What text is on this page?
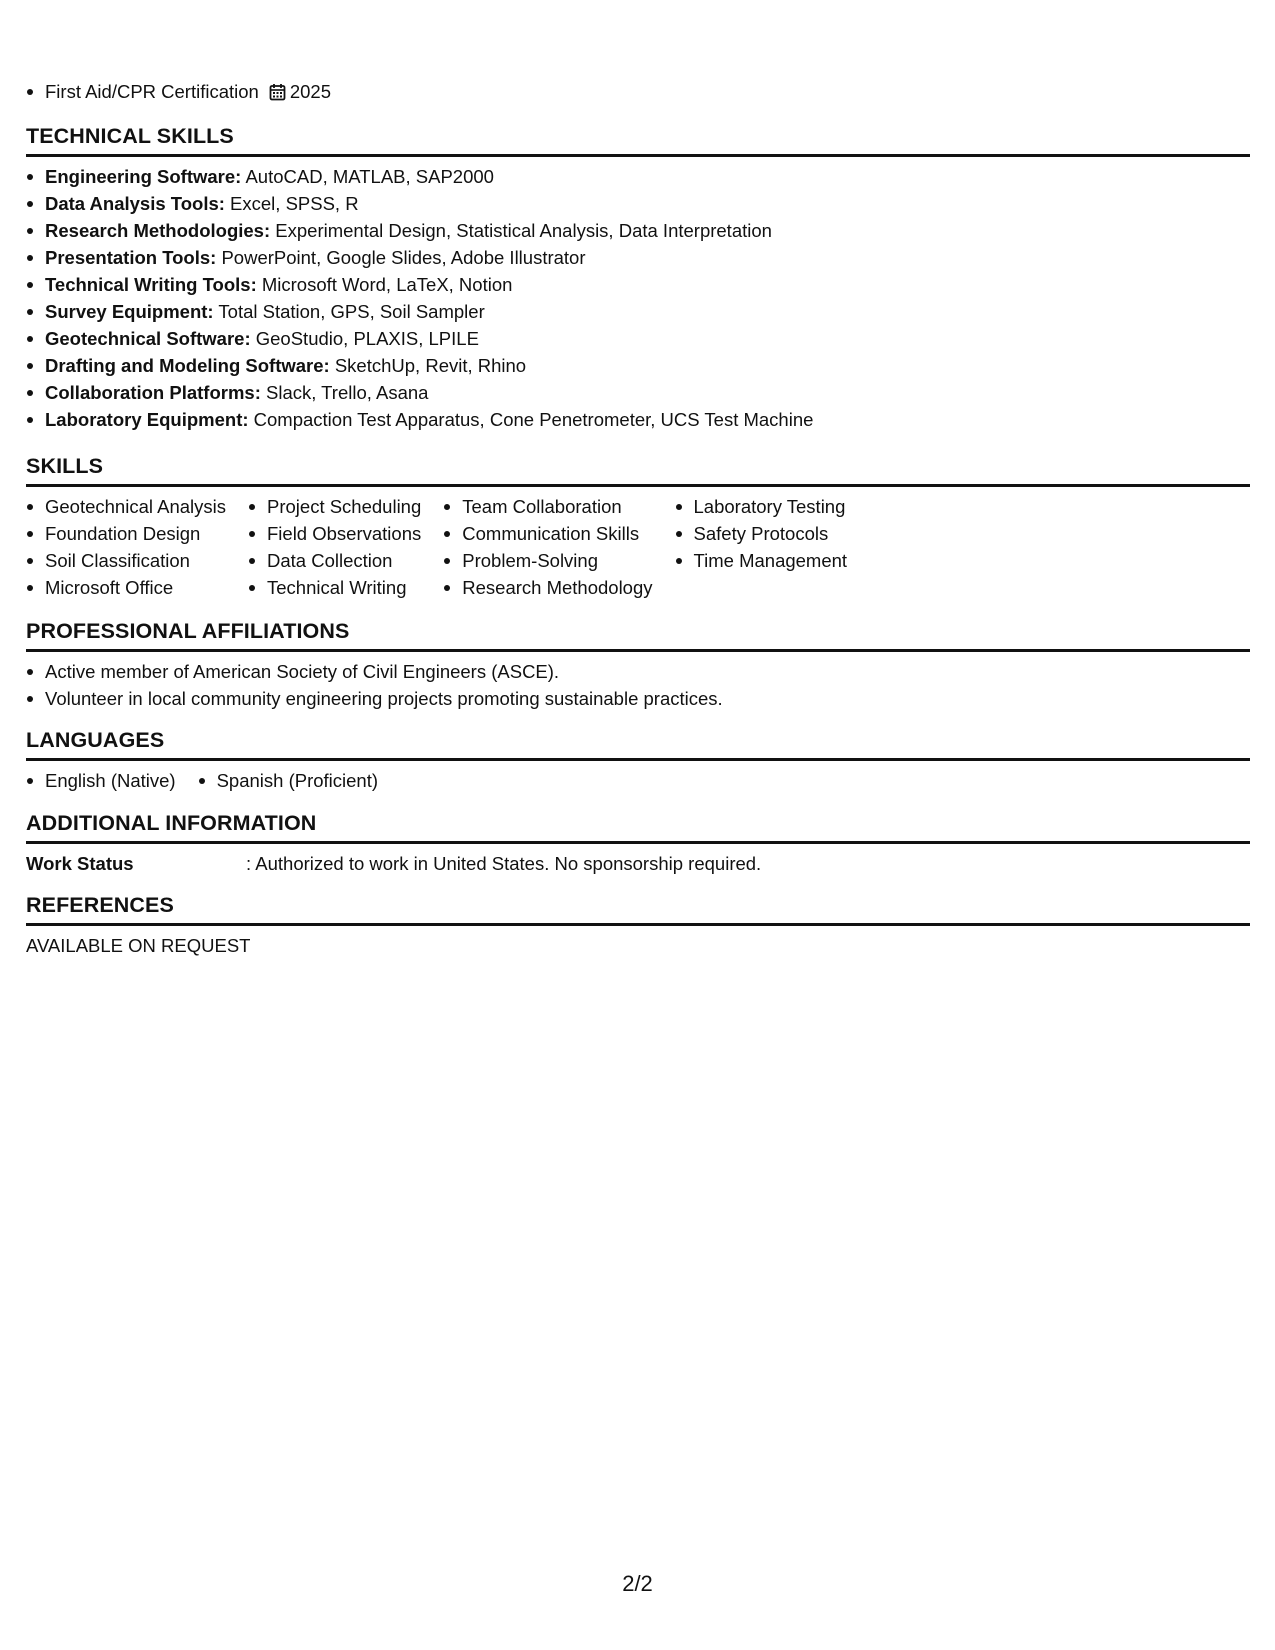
First Aid/CPR Certification 2025
TECHNICAL SKILLS
Engineering Software: AutoCAD, MATLAB, SAP2000
Data Analysis Tools: Excel, SPSS, R
Research Methodologies: Experimental Design, Statistical Analysis, Data Interpretation
Presentation Tools: PowerPoint, Google Slides, Adobe Illustrator
Technical Writing Tools: Microsoft Word, LaTeX, Notion
Survey Equipment: Total Station, GPS, Soil Sampler
Geotechnical Software: GeoStudio, PLAXIS, LPILE
Drafting and Modeling Software: SketchUp, Revit, Rhino
Collaboration Platforms: Slack, Trello, Asana
Laboratory Equipment: Compaction Test Apparatus, Cone Penetrometer, UCS Test Machine
SKILLS
Geotechnical Analysis
Foundation Design
Soil Classification
Microsoft Office
Project Scheduling
Field Observations
Data Collection
Technical Writing
Team Collaboration
Communication Skills
Problem-Solving
Research Methodology
Laboratory Testing
Safety Protocols
Time Management
PROFESSIONAL AFFILIATIONS
Active member of American Society of Civil Engineers (ASCE).
Volunteer in local community engineering projects promoting sustainable practices.
LANGUAGES
English (Native)	Spanish (Proficient)
ADDITIONAL INFORMATION
Work Status	: Authorized to work in United States. No sponsorship required.
REFERENCES
AVAILABLE ON REQUEST
2/2
